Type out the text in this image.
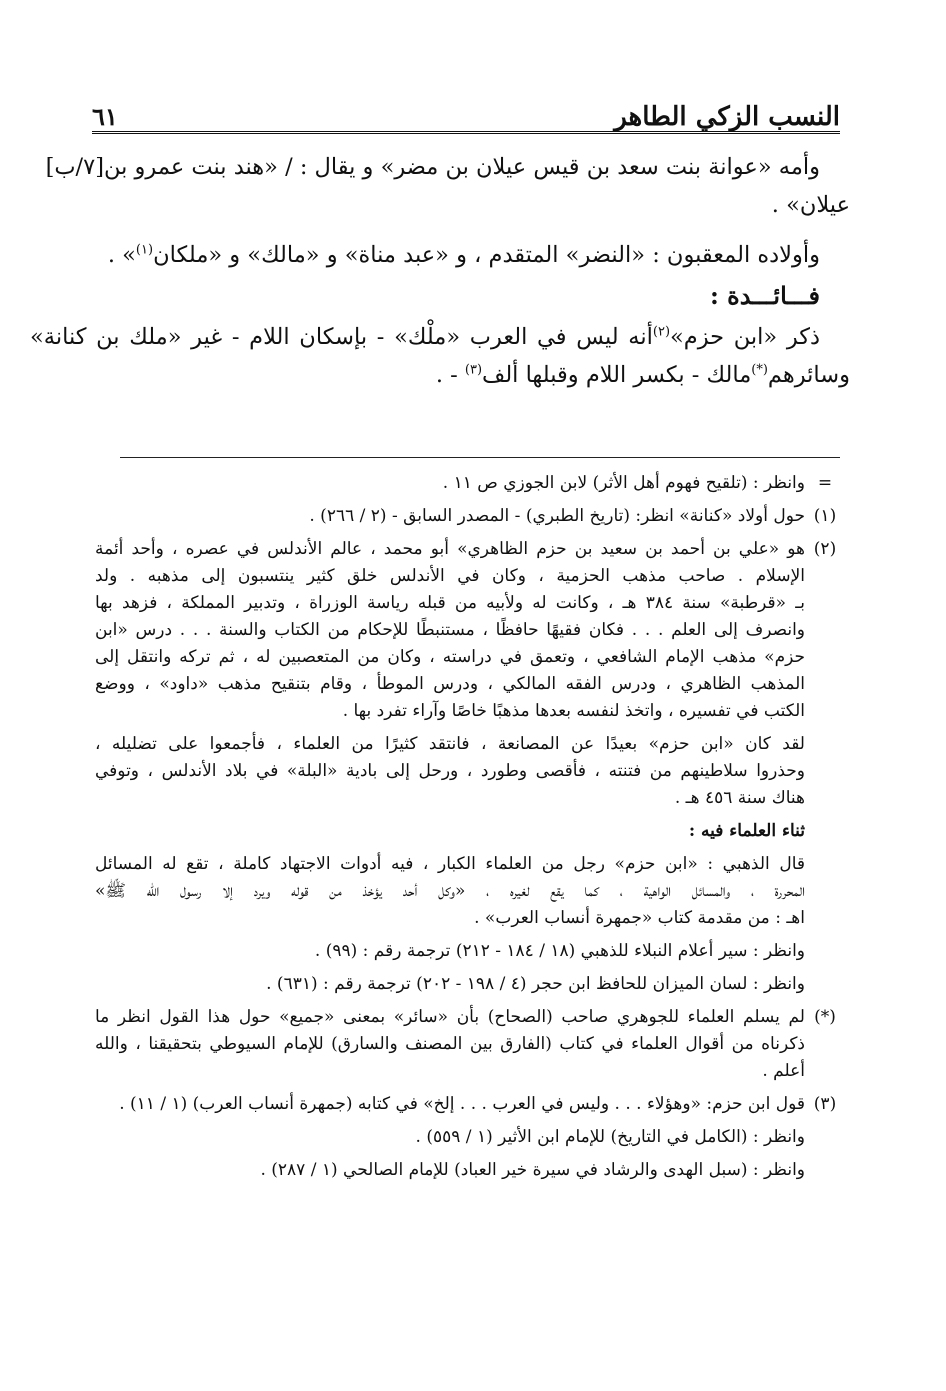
النسب الزكي الطاهر
٦١
وأمه «عوانة بنت سعد بن قيس عيلان بن مضر» و يقال : / «هند بنت عمرو بن[٧/ب]
عيلان» .
وأولاده المعقبون : «النضر» المتقدم ، و «عبد مناة» و «مالك» و «ملكان$^{(١)}$» .
فـــائـــدة :
ذكر «ابن حزم»$^{(٢)}$أنه ليس في العرب «ملْك» - بإسكان اللام - غير «ملك بن كنانة»
وسائرهم(*)مالك - بكسر اللام وقبلها ألف$^{(٣)}$ - .
=
وانظر : (تلقيح فهوم أهل الأثر) لابن الجوزي ص ١١ .
(١)
حول أولاد «كنانة» انظر: (تاريخ الطبري) - المصدر السابق - (٢ / ٢٦٦) .
(٢)
هو «علي بن أحمد بن سعيد بن حزم الظاهري» أبو محمد ، عالم الأندلس في عصره ، وأحد أئمة
الإسلام . صاحب مذهب الحزمية ، وكان في الأندلس خلق كثير ينتسبون إلى مذهبه . ولد
بـ «قرطبة» سنة ٣٨٤ هـ ، وكانت له ولأبيه من قبله رياسة الوزراة ، وتدبير المملكة ، فزهد بها
وانصرف إلى العلم . . . فكان فقيهًا حافظًا ، مستنبطًا للإحكام من الكتاب والسنة . . . درس «ابن
حزم» مذهب الإمام الشافعي ، وتعمق في دراسته ، وكان من المتعصبين له ، ثم تركه وانتقل إلى
المذهب الظاهري ، ودرس الفقه المالكي ، ودرس الموطأ ، وقام بتنقيح مذهب «داود» ، ووضع
الكتب في تفسيره ، واتخذ لنفسه بعدها مذهبًا خاصًا وآراء تفرد بها .
لقد كان «ابن حزم» بعيدًا عن المصانعة ، فانتقد كثيرًا من العلماء ، فأجمعوا على تضليله ،
وحذروا سلاطينهم من فتنته ، فأقصى وطورد ، ورحل إلى بادية «البلة» في بلاد الأندلس ، وتوفي
هناك سنة ٤٥٦ هـ .
ثناء العلماء فيه :
قال الذهبي : «ابن حزم» رجل من العلماء الكبار ، فيه أدوات الاجتهاد كاملة ، تقع له المسائل
المحررة ، والمسائل الواهية ، كما يقع لغيره ، «وكل أحد يؤخذ من قوله ويرد إلا رسول الله ﷺ»
اهـ : من مقدمة كتاب «جمهرة أنساب العرب» .
وانظر : سير أعلام النبلاء للذهبي (١٨ / ١٨٤ - ٢١٢) ترجمة رقم : (٩٩) .
وانظر : لسان الميزان للحافظ ابن حجر (٤ / ١٩٨ - ٢٠٢) ترجمة رقم : (٦٣١) .
(*)
لم يسلم العلماء للجوهري صاحب (الصحاح) بأن «سائر» بمعنى «جميع» حول هذا القول انظر ما
ذكرناه من أقوال العلماء في كتاب (الفارق بين المصنف والسارق) للإمام السيوطي بتحقيقنا ، والله
أعلم .
(٣)
قول ابن حزم: «وهؤلاء . . . وليس في العرب . . . إلخ» في كتابه (جمهرة أنساب العرب) (١ / ١١) .
وانظر : (الكامل في التاريخ) للإمام ابن الأثير (١ / ٥٥٩) .
وانظر : (سبل الهدى والرشاد في سيرة خير العباد) للإمام الصالحي (١ / ٢٨٧) .
